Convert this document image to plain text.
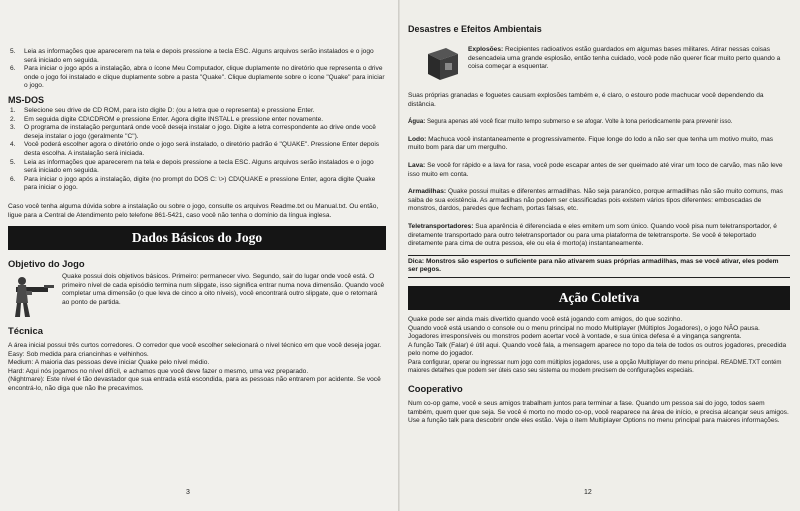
5.	Leia as informações que aparecerem na tela e depois pressione a tecla ESC. Alguns arquivos serão instalados e o jogo será iniciado em seguida.
6.	Para iniciar o jogo após a instalação, abra o ícone Meu Computador, clique duplamente no diretório que representa o drive onde o jogo foi instalado e clique duplamente sobre a pasta "Quake". Clique duplamente sobre o ícone "Quake" para iniciar o jogo.
MS-DOS
1.	Selecione seu drive de CD ROM, para isto digite D: (ou a letra que o representa) e pressione Enter.
2.	Em seguida digite CD\CDROM e pressione Enter. Agora digite INSTALL e pressione enter novamente.
3.	O programa de instalação perguntará onde você deseja instalar o jogo. Digite a letra correspondente ao drive onde você deseja instalar o jogo (geralmente "C").
4.	Você poderá escolher agora o diretório onde o jogo será instalado, o diretório padrão é "QUAKE". Pressione Enter depois desta escolha. A instalação será iniciada.
5.	Leia as informações que aparecerem na tela e depois pressione a tecla ESC. Alguns arquivos serão instalados e o jogo será iniciado em seguida.
6.	Para iniciar o jogo após a instalação, digite (no prompt do DOS C: \>) CD\QUAKE e pressione Enter, agora digite Quake para iniciar o jogo.

Caso você tenha alguma dúvida sobre a instalação ou sobre o jogo, consulte os arquivos Readme.txt ou Manual.txt. Ou então, ligue para a Central de Atendimento pelo telefone 861-5421, caso você não tenha o domínio da língua inglesa.

Dados Básicos do Jogo
Objetivo do Jogo

Quake possui dois objetivos básicos. Primeiro: permanecer vivo. Segundo, sair do lugar onde você está. O primeiro nível de cada episódio termina num slipgate, isso significa entrar numa nova dimensão. Quando você completar uma dimensão (o que leva de cinco a oito níveis), você encontrará outro slipgate, que o retornará ao ponto de partida.

Técnica

A área inicial possui três curtos corredores. O corredor que você escolher selecionará o nível técnico em que você deseja jogar.

Easy: Sob medida para criancinhas e velhinhos.

Medium: A maioria das pessoas deve iniciar Quake pelo nível médio.

Hard: Aqui nós jogamos no nível difícil, e achamos que você deve fazer o mesmo, uma vez preparado.

(Nightmare): Este nível é tão devastador que sua entrada está escondida, para as pessoas não entrarem por acidente. Se você encontrá-lo, não diga que não lhe precavimos.

3
Desastres e Efeitos Ambientais

Explosões: Recipientes radioativos estão guardados em algumas bases militares. Atirar nessas coisas desencadeia uma grande esplosão, então tenha cuidado, você pode não querer ficar muito perto quando a coisa começar a esquentar.

Suas próprias granadas e foguetes causam explosões também e, é claro, o estouro pode machucar você dependendo da distância.

Água: Segura apenas até você ficar muito tempo submerso e se afogar. Volte à tona periodicamente para prevenir isso.

Lodo: Machuca você instantaneamente e progressivamente. Fique longe do lodo a não ser que tenha um motivo muito, mas muito bom para dar um mergulho.

Lava: Se você for rápido e a lava for rasa, você pode escapar antes de ser queimado até virar um toco de carvão, mas não leve isso muito em conta.

Armadilhas: Quake possui muitas e diferentes armadilhas. Não seja paranóico, porque armadilhas não são muito comuns, mas saiba de sua existência. As armadilhas não podem ser classificadas pois existem vários tipos diferentes: emboscadas de monstros, dardos, paredes que fecham, portas falsas, etc.

Teletransportadores: Sua aparência é diferenciada e eles emitem um som único. Quando você pisa num teletransportador, é diretamente transportado para outro teletransportador ou para uma plataforma de teletransporte. Se você é teleportado diretamente para cima de outra pessoa, ele ou ela é morto(a) instantaneamente.

Dica: Monstros são espertos o suficiente para não ativarem suas próprias armadilhas, mas se você ativar, eles podem ser pegos.
Ação Coletiva

Quake pode ser ainda mais divertido quando você está jogando com amigos, do que sozinho.

Quando você está usando o console ou o menu principal no modo Multiplayer (Múltiplos Jogadores), o jogo NÃO pausa. Jogadores irresponsíveis ou monstros podem acertar você à vontade, e sua única defesa é a vingança sangrenta.

A função Talk (Falar) é útil aqui. Quando você fala, a mensagem aparece no topo da tela de todos os outros jogadores, precedida pelo nome do jogador.

Para configurar, operar ou ingressar num jogo com múltiplos jogadores, use a opção Multiplayer do menu principal. README.TXT contém maiores detalhes que podem ser úteis caso seu sistema ou modem precisem de configurações especiais.

Cooperativo

Num co-op game, você e seus amigos trabalham juntos para terminar a fase. Quando um pessoa sai do jogo, todos saem também, quem quer que seja. Se você é morto no modo co-op, você reaparece na área de início, e precisa alcançar seus amigos. Use a função talk para descobrir onde eles estão. Veja o item Multiplayer Options no menu principal para maiores informações.

12
